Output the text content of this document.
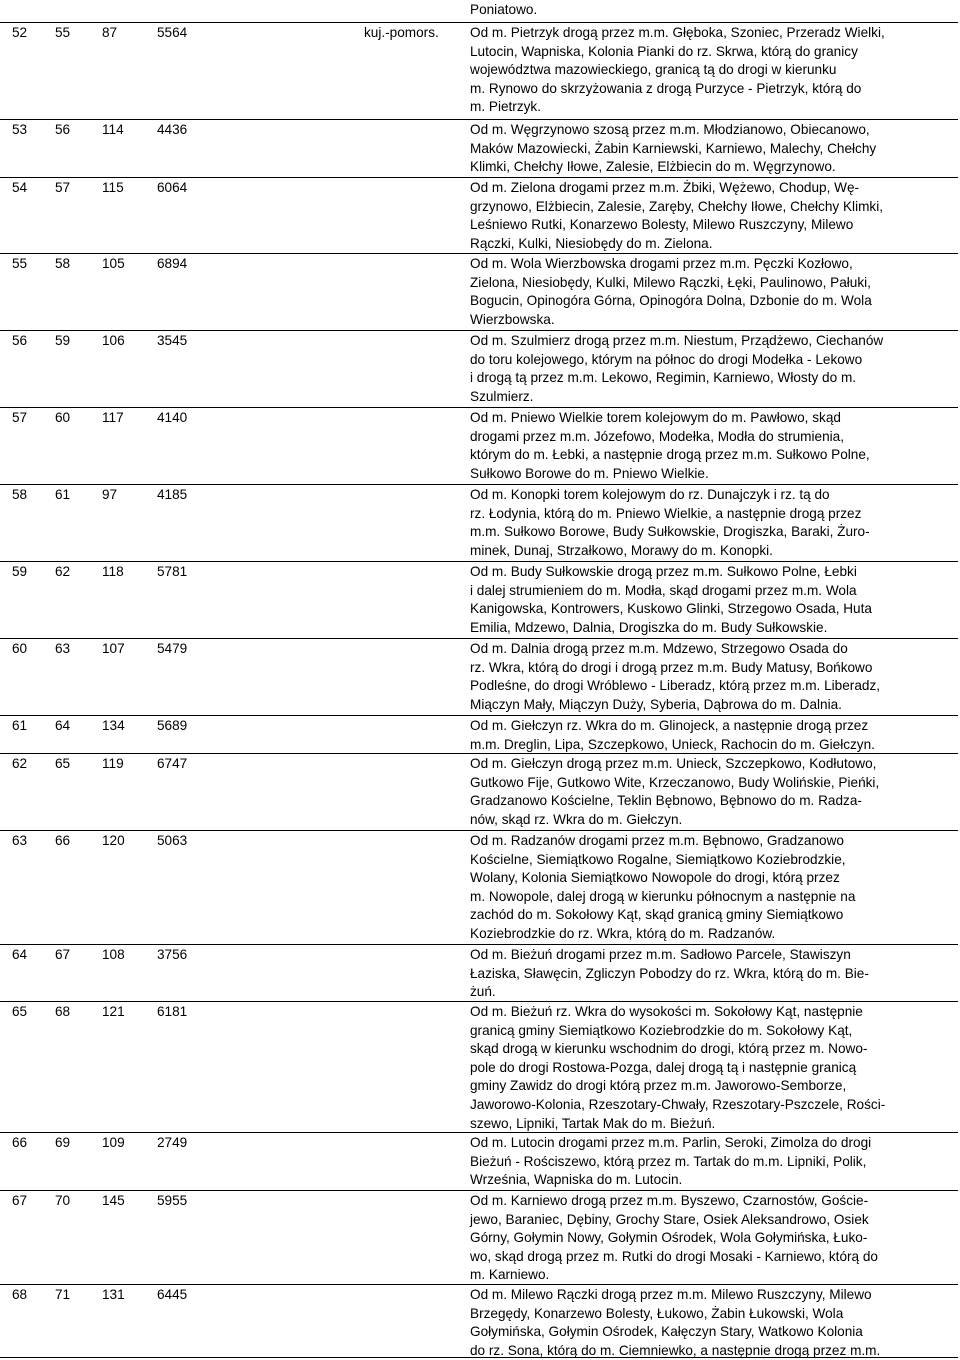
Poniatowo.
52 55 87	5564	kuj.-pomors. Od m. Pietrzyk drogą przez m.m. Głęboka, Szoniec, Przeradz Wielki,
Lutocin, Wapniska, Kolonia Pianki do rz. Skrwa, którą do granicy
województwa mazowieckiego, granicą tą do drogi w kierunku
m. Rynowo do skrzyżowania z drogą Purzyce - Pietrzyk, którą do
m. Pietrzyk.
53 56 114 4436	Od m. Węgrzynowo szosą przez m.m. Młodzianowo, Obiecanowo,
Maków Mazowiecki, Żabin Karniewski, Karniewo, Malechy, Chełchy
Klimki, Chełchy Iłowe, Zalesie, Elżbiecin do m. Węgrzynowo.
54 57 115 6064	Od m. Zielona drogami przez m.m. Żbiki, Wężewo, Chodup, Wę-
grzynowo, Elżbiecin, Zalesie, Zaręby, Chełchy Iłowe, Chełchy Klimki,
Leśniewo Rutki, Konarzewo Bolesty, Milewo Ruszczyny, Milewo
Rączki, Kulki, Niesiobędy do m. Zielona.
55 58 105 6894	Od m. Wola Wierzbowska drogami przez m.m. Pęczki Kozłowo,
Zielona, Niesiobędy, Kulki, Milewo Rączki, Łęki, Paulinowo, Pałuki,
Bogucin, Opinogóra Górna, Opinogóra Dolna, Dzbonie do m. Wola
Wierzbowska.
56 59 106 3545	Od m. Szulmierz drogą przez m.m. Niestum, Prządżewo, Ciechanów
do toru kolejowego, którym na północ do drogi Modełka - Lekowo
i drogą tą przez m.m. Lekowo, Regimin, Karniewo, Włosty do m.
Szulmierz.
57 60 117 4140	Od m. Pniewo Wielkie torem kolejowym do m. Pawłowo, skąd
drogami przez m.m. Józefowo, Modełka, Modła do strumienia,
którym do m. Łebki, a następnie drogą przez m.m. Sułkowo Polne,
Sułkowo Borowe do m. Pniewo Wielkie.
58 61 97	4185	Od m. Konopki torem kolejowym do rz. Dunajczyk i rz. tą do
rz. Łodynia, którą do m. Pniewo Wielkie, a następnie drogą przez
m.m. Sułkowo Borowe, Budy Sułkowskie, Drogiszka, Baraki, Żuro-
minek, Dunaj, Strzałkowo, Morawy do m. Konopki.
59 62 118 5781	Od m. Budy Sułkowskie drogą przez m.m. Sułkowo Polne, Łebki
i dalej strumieniem do m. Modła, skąd drogami przez m.m. Wola
Kanigowska, Kontrowers, Kuskowo Glinki, Strzegowo Osada, Huta
Emilia, Mdzewo, Dalnia, Drogiszka do m. Budy Sułkowskie.
60 63 107 5479	Od m. Dalnia drogą przez m.m. Mdzewo, Strzegowo Osada do
rz. Wkra, którą do drogi i drogą przez m.m. Budy Matusy, Bońkowo
Podleśne, do drogi Wróblewo - Liberadz, którą przez m.m. Liberadz,
Miączyn Mały, Miączyn Duży, Syberia, Dąbrowa do m. Dalnia.
61 64 134 5689	Od m. Giełczyn rz. Wkra do m. Glinojeck, a następnie drogą przez
m.m. Dreglin, Lipa, Szczepkowo, Unieck, Rachocin do m. Giełczyn.
62 65 119 6747	Od m. Giełczyn drogą przez m.m. Unieck, Szczepkowo, Kodłutowo,
Gutkowo Fije, Gutkowo Wite, Krzeczanowo, Budy Wolińskie, Pieńki,
Gradzanowo Kościelne, Teklin Bębnowo, Bębnowo do m. Radza-
nów, skąd rz. Wkra do m. Giełczyn.
63 66 120 5063	Od m. Radzanów drogami przez m.m. Bębnowo, Gradzanowo
Kościelne, Siemiątkowo Rogalne, Siemiątkowo Koziebrodzkie,
Wolany, Kolonia Siemiątkowo Nowopole do drogi, którą przez
m. Nowopole, dalej drogą w kierunku północnym a następnie na
zachód do m. Sokołowy Kąt, skąd granicą gminy Siemiątkowo
Koziebrodzkie do rz. Wkra, którą do m. Radzanów.
64 67 108 3756	Od m. Bieżuń drogami przez m.m. Sadłowo Parcele, Stawiszyn
Łaziska, Sławęcin, Zgliczyn Pobodzy do rz. Wkra, którą do m. Bie-
żuń.
65 68 121 6181	Od m. Bieżuń rz. Wkra do wysokości m. Sokołowy Kąt, następnie
granicą gminy Siemiątkowo Koziebrodzkie do m. Sokołowy Kąt,
skąd drogą w kierunku wschodnim do drogi, którą przez m. Nowo-
pole do drogi Rostowa-Pozga, dalej drogą tą i następnie granicą
gminy Zawidz do drogi którą przez m.m. Jaworowo-Semborze,
Jaworowo-Kolonia, Rzeszotary-Chwały, Rzeszotary-Pszczele, Rości-
szewo, Lipniki, Tartak Mak do m. Bieżuń.
66 69 109 2749	Od m. Lutocin drogami przez m.m. Parlin, Seroki, Zimolza do drogi
Bieżuń - Rościszewo, którą przez m. Tartak do m.m. Lipniki, Polik,
Września, Wapniska do m. Lutocin.
67 70 145 5955	Od m. Karniewo drogą przez m.m. Byszewo, Czarnostów, Goście-
jewo, Baraniec, Dębiny, Grochy Stare, Osiek Aleksandrowo, Osiek
Górny, Gołymin Nowy, Gołymin Ośrodek, Wola Gołymińska, Łuko-
wo, skąd drogą przez m. Rutki do drogi Mosaki - Karniewo, którą do
m. Karniewo.
68 71 131 6445	Od m. Milewo Rączki drogą przez m.m. Milewo Ruszczyny, Milewo
Brzegędy, Konarzewo Bolesty, Łukowo, Żabin Łukowski, Wola
Gołymińska, Gołymin Ośrodek, Kałęczyn Stary, Watkowo Kolonia
do rz. Sona, którą do m. Ciemniewko, a następnie drogą przez m.m.
